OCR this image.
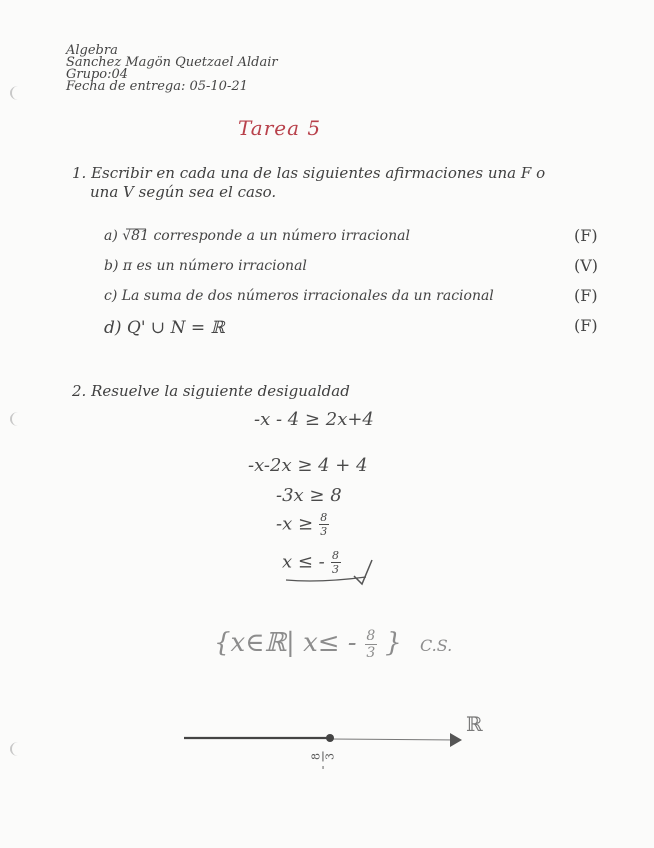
Algebra
Sanchez Magön Quetzael Aldair
Grupo:04
Fecha de entrega: 05-10-21
Tarea 5
1. Escribir en cada una de las siguientes afirmaciones una F o
una V según sea el caso.
a) √81 corresponde a un número irracional	(F)
b) π es un número irracional	(V)
c) La suma de dos números irracionales da un racional	(F)
d) Q' ∪ N = ℝ	(F)
2. Resuelve la siguiente desigualdad
-x - 4 ≥ 2x+4
-x-2x ≥ 4 + 4
-3x ≥ 8
$-x \ge \frac{8}{3}$
x ≤ - $\frac{8}{3}$
{x∈ℝ| $x\le - \frac{8}{3}$ } C.S.
ℝ
-
8 3
